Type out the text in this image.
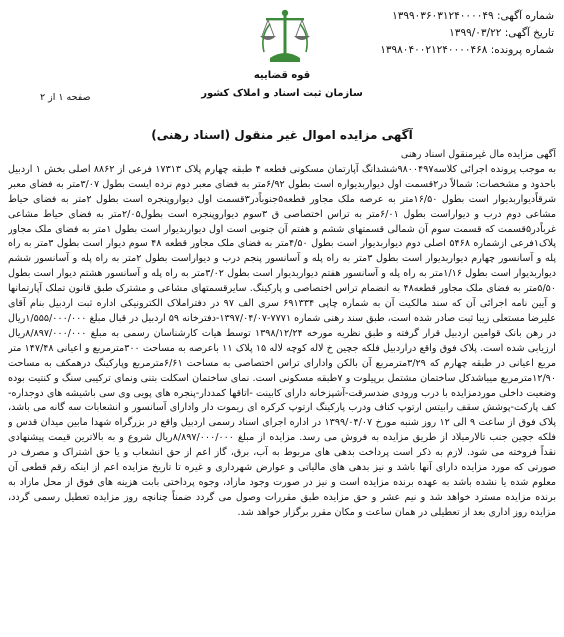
شماره آگهی: ۱۳۹۹۰۳۶۰۳۱۲۴۰۰۰۰۴۹
تاریخ آگهی: ۱۳۹۹/۰۳/۲۲
شماره پرونده: ۱۳۹۸۰۴۰۰۲۱۲۴۰۰۰۰۴۶۸
صفحه ۱ از ۲
قوه قضاییه
سازمان ثبت اسناد و املاک کشور
آگهی مزایده اموال غیر منقول (اسناد رهنی)

آگهی مزایده مال غیرمنقول اسناد رهنی

به موجب پرونده اجرائی کلاسه۹۸۰۰۴۹۷ششدانگ آپارتمان مسکونی قطعه ۴ طبقه چهارم پلاک ۱۷۳۱۳ فرعی از ۸۸۶۲ اصلی بخش ۱ اردبیل باحدود و مشخصات: شمالاً در۲قسمت اول دیواربدیواره است بطول ۶/۹۲متر به فضای معبر دوم نرده ایست بطول ۳/۰۷متر به فضای معبر شرقاًدیواربدیوار است بطول ۱۶/۵۰متر به عرصه ملک مجاور قطعه۵جنوباًدر۳قسمت اول دیواروپنجره است بطول ۲متر به فضای حیاط مشاعی دوم درب و دیواراست بطول ۶/۰۱متر به تراس اختصاصی ق ۳سوم دیواروپنجره است بطول۲/۰۵متر به فضای حیاط مشاعی غرباًدر۵قسمت که قسمت سوم آن شمالی قسمتهای ششم و هفتم آن جنوبی است اول دیواربدیوار است بطول ۱متر به فضای ملک مجاور پلاک۱فرعی ازشماره ۵۴۶۸ اصلی دوم دیواربدیوار است بطول ۴/۵۰متر به فضای ملک مجاور قطعه ۴۸ سوم دیوار است بطول ۳متر به راه پله و آسانسور چهارم دیواربدیوار است بطول ۳متر به راه پله و آسانسور پنجم درب و دیواراست بطول ۲متر به راه پله و آسانسور ششم دیواربدیوار است بطول ۱/۱۶متر به راه پله و آسانسور هفتم دیواربدیوار است بطول ۳/۰۲متر به راه پله و آسانسور هشتم دیوار است بطول ۵/۵۰متر به فضای ملک مجاور قطعه۴۸ به انضمام تراس اختصاصی و پارکینگ. سایرقسمتهای مشاعی و مشترک طبق قانون تملک آپارتمانها و آیین نامه اجرائی آن که سند مالکیت آن به شماره چاپی ۶۹۱۳۳۴ سری الف ۹۷ در دفتراملاک الکترونیکی اداره ثبت اردبیل بنام آقای علیرضا مستعلی زیبا ثبت صادر شده است، طبق سند رهنی شماره ۷۷۷۱-۱۳۹۷/۰۴/۰۷-دفترخانه ۵۹ اردبیل در قبال مبلغ ۱/۵۵۵/۰۰۰/۰۰۰ریال در رهن بانک قوامین اردبیل قرار گرفته و طبق نظریه مورخه ۱۳۹۸/۱۲/۲۴ توسط هیات کارشناسان رسمی به مبلغ ۸/۸۹۷/۰۰۰/۰۰۰ریال ارزیابی شده است. پلاک فوق واقع دراردبیل فلکه جچین خ لاله کوچه لاله ۱۵ پلاک ۱۱ باعرصه به مساحت ۳۰۰مترمربع و اعیانی ۱۴۷/۴۸ متر مربع اعیانی در طبقه چهارم که ۳/۲۹مترمربع آن بالکن وادارای تراس اختصاصی به مساحت ۶/۶۱مترمربع وپارکینگ درهمکف به مساحت ۱۲/۹۰مترمربع میباشدکل ساختمان مشتمل برپیلوت و ۷طبقه مسکونی است. نمای ساختمان اسکلت بتنی ونمای ترکیبی سنگ و کنتیت بوده وضعیت داخلی موردمزایده با درب ورودی ضدسرقت-آشپزخانه دارای کابینت -اتاقها کمددار-پنجره های پویی وی سی باشیشه های دوجداره-کف پارکت-پوشش سقف رابیتس ارتوپ کناف ودرب پارکینگ ارتوپ کرکره ای ریموت دار وادارای آسانسور و انشعابات سه گانه می باشد، پلاک فوق از ساعت ۹ الی ۱۲ روز شنبه مورخ ۱۳۹۹/۰۴/۰۷ در اداره اجرای اسناد رسمی اردبیل واقع در بزرگراه شهدا مابین میدان قدس و فلکه جچین جنب تالارمیلاد از طریق مزایده به فروش می رسد. مزایده از مبلغ ۸/۸۹۷/۰۰۰/۰۰۰ریال شروع و به بالاترین قیمت پیشنهادی نقداً فروخته می شود. لازم به ذکر است پرداخت بدهی های مربوط به آب، برق، گاز اعم از حق انشعاب و یا حق اشتراک و مصرف در صورتی که مورد مزایده دارای آنها باشد و نیز بدهی های مالیاتی و عوارض شهرداری و غیره تا تاریخ مزایده اعم از اینکه رقم قطعی آن معلوم شده یا نشده باشد به عهده برنده مزایده است و نیز در صورت وجود مازاد، وجوه پرداختی بابت هزینه های فوق از محل مازاد به برنده مزایده مسترد خواهد شد و نیم عشر و حق مزایده طبق مقررات وصول می گردد ضمناً چنانچه روز مزایده تعطیل رسمی گردد، مزایده روز اداری بعد از تعطیلی در همان ساعت و مکان مقرر برگزار خواهد شد.
